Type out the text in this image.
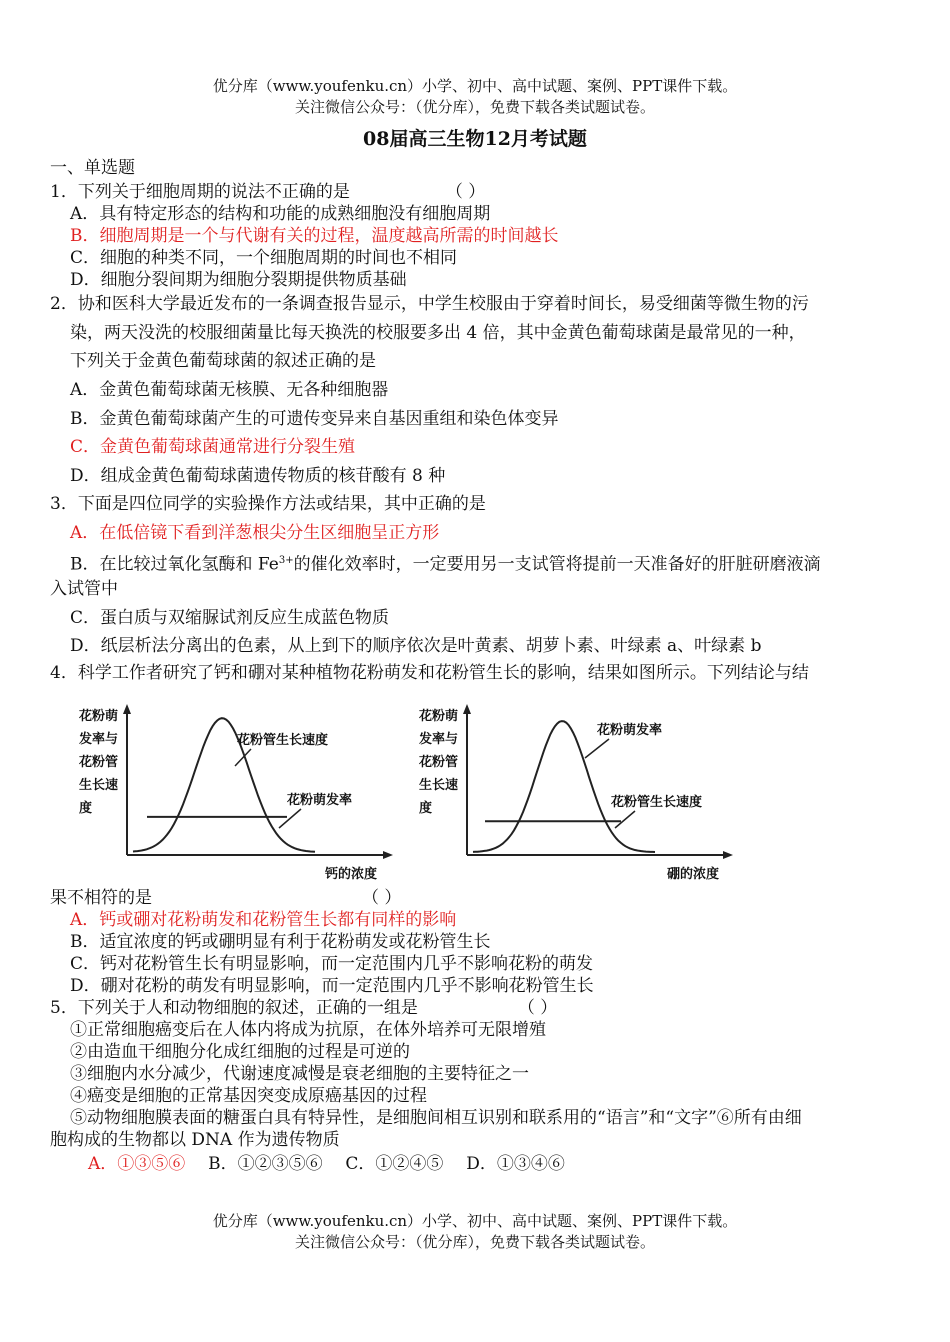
优分库（www.youfenku.cn）小学、初中、高中试题、案例、PPT课件下载。
关注微信公众号：（优分库），免费下载各类试题试卷。
08届高三生物12月考试题
一、单选题
1．下列关于细胞周期的说法不正确的是	（ ）
A．具有特定形态的结构和功能的成熟细胞没有细胞周期
B．细胞周期是一个与代谢有关的过程，温度越高所需的时间越长
C．细胞的种类不同，一个细胞周期的时间也不相同
D．细胞分裂间期为细胞分裂期提供物质基础
2．协和医科大学最近发布的一条调查报告显示，中学生校服由于穿着时间长，易受细菌等微生物的污
染，两天没洗的校服细菌量比每天换洗的校服要多出 4 倍，其中金黄色葡萄球菌是最常见的一种，
下列关于金黄色葡萄球菌的叙述正确的是
A．金黄色葡萄球菌无核膜、无各种细胞器
B．金黄色葡萄球菌产生的可遗传变异来自基因重组和染色体变异
C．金黄色葡萄球菌通常进行分裂生殖
D．组成金黄色葡萄球菌遗传物质的核苷酸有 8 种
3．下面是四位同学的实验操作方法或结果，其中正确的是
A．在低倍镜下看到洋葱根尖分生区细胞呈正方形
B．在比较过氧化氢酶和 $Fe^{3+}$的催化效率时，一定要用另一支试管将提前一天准备好的肝脏研磨液滴
入试管中
C．蛋白质与双缩脲试剂反应生成蓝色物质
D．纸层析法分离出的色素，从上到下的顺序依次是叶黄素、胡萝卜素、叶绿素 a、叶绿素 b
4．科学工作者研究了钙和硼对某种植物花粉萌发和花粉管生长的影响，结果如图所示。下列结论与结
花粉萌
发率与
花粉管
生长速
度
花粉管生长速度
花粉萌发率
钙的浓度
花粉萌
发率与
花粉管
生长速
度
花粉萌发率
花粉管生长速度
硼的浓度
果不相符的是	（ ）
A．钙或硼对花粉萌发和花粉管生长都有同样的影响
B．适宜浓度的钙或硼明显有利于花粉萌发或花粉管生长
C．钙对花粉管生长有明显影响，而一定范围内几乎不影响花粉的萌发
D．硼对花粉的萌发有明显影响，而一定范围内几乎不影响花粉管生长
5．下列关于人和动物细胞的叙述，正确的一组是	（ ）
①正常细胞癌变后在人体内将成为抗原，在体外培养可无限增殖
②由造血干细胞分化成红细胞的过程是可逆的
③细胞内水分减少，代谢速度减慢是衰老细胞的主要特征之一
④癌变是细胞的正常基因突变成原癌基因的过程
⑤动物细胞膜表面的糖蛋白具有特异性，是细胞间相互识别和联系用的“语言”和“文字”⑥所有由细
胞构成的生物都以 DNA 作为遗传物质
A．①③⑤⑥ B．①②③⑤⑥ C．①②④⑤ D．①③④⑥
优分库（www.youfenku.cn）小学、初中、高中试题、案例、PPT课件下载。
关注微信公众号：（优分库），免费下载各类试题试卷。
